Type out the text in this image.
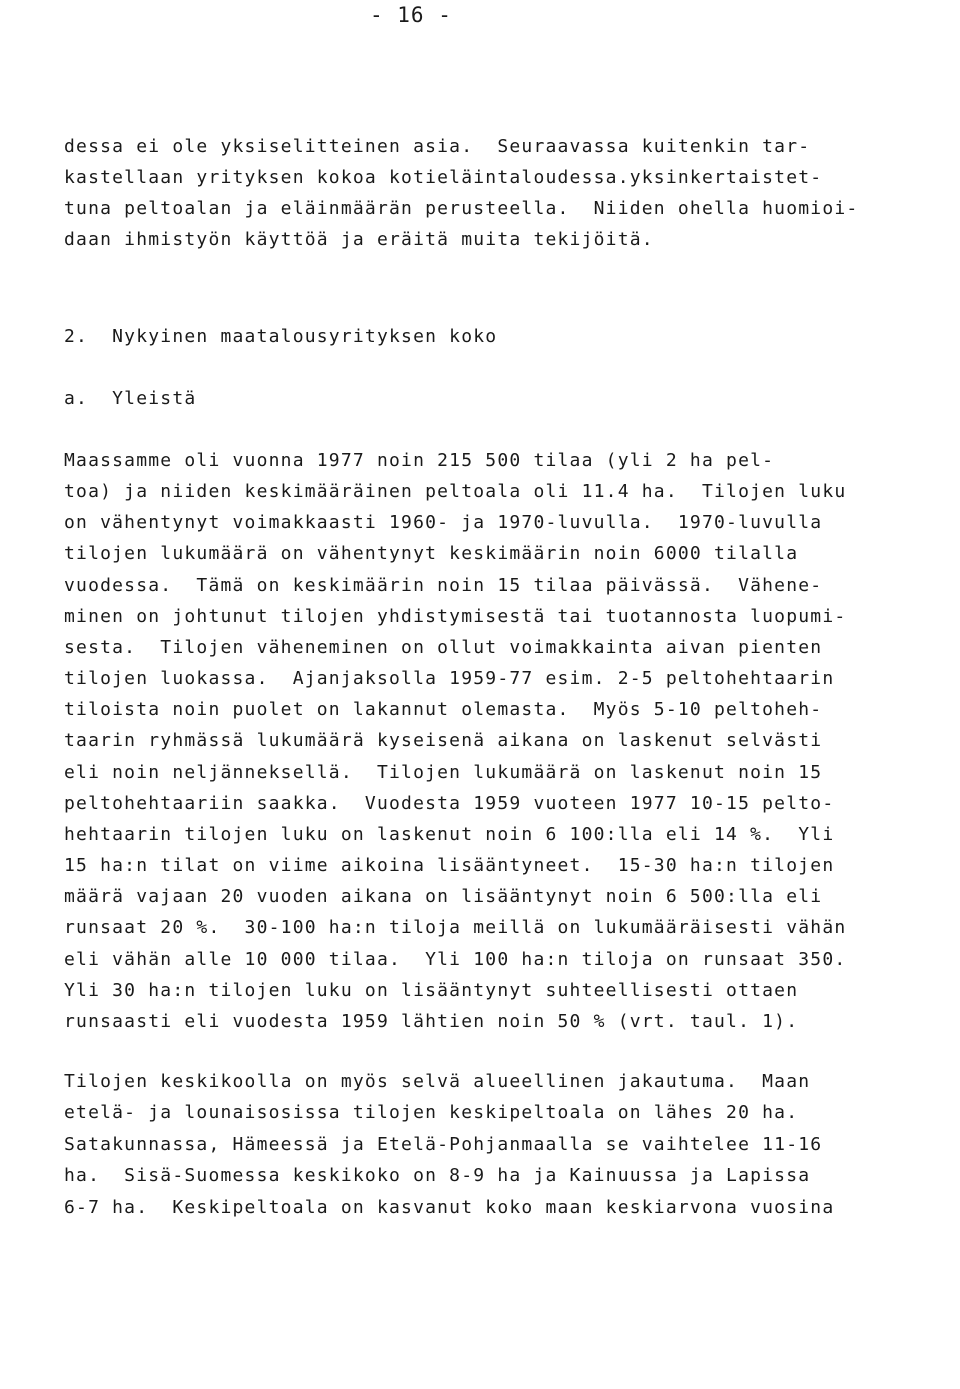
- 16 -
dessa ei ole yksiselitteinen asia.  Seuraavassa kuitenkin tar-
kastellaan yrityksen kokoa kotieläintaloudessa.yksinkertaistet-
tuna peltoalan ja eläinmäärän perusteella.  Niiden ohella huomioi-
daan ihmistyön käyttöä ja eräitä muita tekijöitä.
2.  Nykyinen maatalousyrityksen koko
a.  Yleistä
Maassamme oli vuonna 1977 noin 215 500 tilaa (yli 2 ha pel-
toa) ja niiden keskimääräinen peltoala oli 11.4 ha.  Tilojen luku
on vähentynyt voimakkaasti 1960- ja 1970-luvulla.  1970-luvulla
tilojen lukumäärä on vähentynyt keskimäärin noin 6000 tilalla
vuodessa.  Tämä on keskimäärin noin 15 tilaa päivässä.  Vähene-
minen on johtunut tilojen yhdistymisestä tai tuotannosta luopumi-
sesta.  Tilojen väheneminen on ollut voimakkainta aivan pienten
tilojen luokassa.  Ajanjaksolla 1959-77 esim. 2-5 peltohehtaarin
tiloista noin puolet on lakannut olemasta.  Myös 5-10 peltoheh-
taarin ryhmässä lukumäärä kyseisenä aikana on laskenut selvästi
eli noin neljänneksellä.  Tilojen lukumäärä on laskenut noin 15
peltohehtaariin saakka.  Vuodesta 1959 vuoteen 1977 10-15 pelto-
hehtaarin tilojen luku on laskenut noin 6 100:lla eli 14 %.  Yli
15 ha:n tilat on viime aikoina lisääntyneet.  15-30 ha:n tilojen
määrä vajaan 20 vuoden aikana on lisääntynyt noin 6 500:lla eli
runsaat 20 %.  30-100 ha:n tiloja meillä on lukumääräisesti vähän
eli vähän alle 10 000 tilaa.  Yli 100 ha:n tiloja on runsaat 350.
Yli 30 ha:n tilojen luku on lisääntynyt suhteellisesti ottaen
runsaasti eli vuodesta 1959 lähtien noin 50 % (vrt. taul. 1).
Tilojen keskikoolla on myös selvä alueellinen jakautuma.  Maan
etelä- ja lounaisosissa tilojen keskipeltoala on lähes 20 ha.
Satakunnassa, Hämeessä ja Etelä-Pohjanmaalla se vaihtelee 11-16
ha.  Sisä-Suomessa keskikoko on 8-9 ha ja Kainuussa ja Lapissa
6-7 ha.  Keskipeltoala on kasvanut koko maan keskiarvona vuosina
